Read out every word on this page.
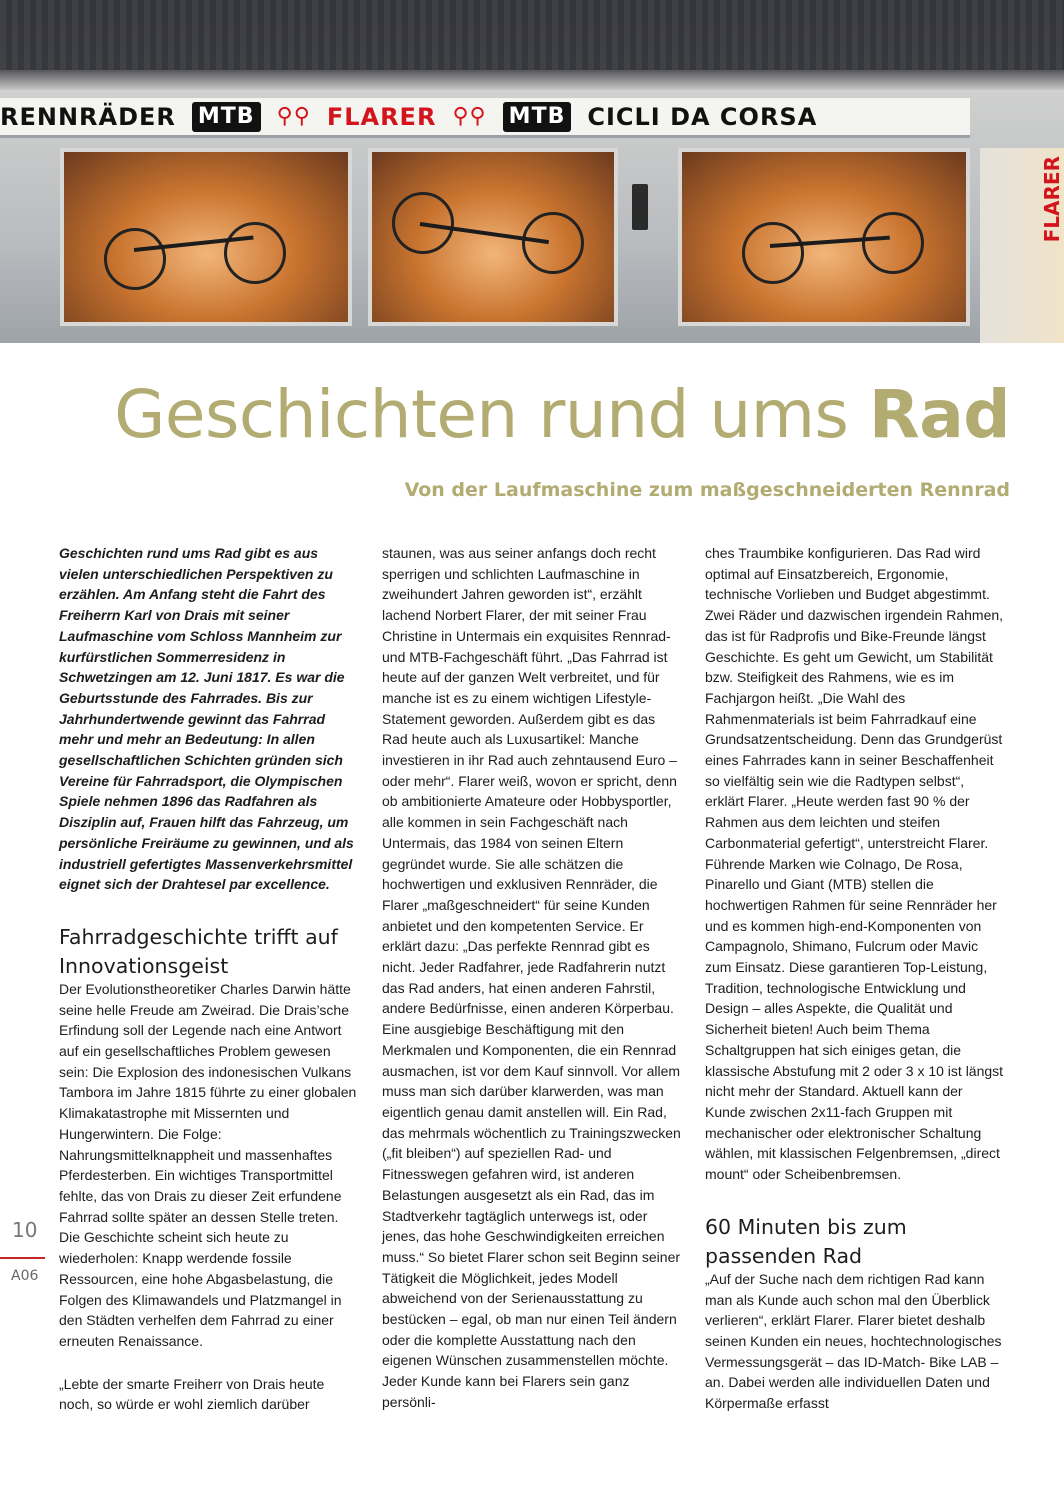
RENNRÄDER MTB ⚲⚲ FLARER ⚲⚲ MTB CICLI DA CORSA
FLARER
Geschichten rund ums Rad
Von der Laufmaschine zum maßgeschneiderten Rennrad

Geschichten rund ums Rad gibt es aus vielen unterschiedlichen Perspektiven zu erzählen. Am Anfang steht die Fahrt des Freiherrn Karl von Drais mit seiner Laufmaschine vom Schloss Mannheim zur kurfürstlichen Sommerresidenz in Schwetzingen am 12. Juni 1817. Es war die Geburtsstunde des Fahrrades. Bis zur Jahrhundertwende gewinnt das Fahrrad mehr und mehr an Bedeutung: In allen gesellschaftlichen Schichten gründen sich Vereine für Fahrradsport, die Olympischen Spiele nehmen 1896 das Radfahren als Disziplin auf, Frauen hilft das Fahrzeug, um persönliche Freiräume zu gewinnen, und als industriell gefertigtes Massenverkehrsmittel eignet sich der Drahtesel par excellence.

Fahrradgeschichte trifft auf Innovationsgeist

Der Evolutionstheoretiker Charles Darwin hätte seine helle Freude am Zweirad. Die Drais’sche Erfindung soll der Legende nach eine Antwort auf ein gesellschaftliches Problem gewesen sein: Die Explosion des indonesischen Vulkans Tambora im Jahre 1815 führte zu einer globalen Klimakatastrophe mit Missernten und Hungerwintern. Die Folge: Nahrungsmittelknappheit und massenhaftes Pferdesterben. Ein wichtiges Transportmittel fehlte, das von Drais zu dieser Zeit erfundene Fahrrad sollte später an dessen Stelle treten. Die Geschichte scheint sich heute zu wiederholen: Knapp werdende fossile Ressourcen, eine hohe Abgasbelastung, die Folgen des Klimawandels und Platzmangel in den Städten verhelfen dem Fahrrad zu einer erneuten Renaissance.

„Lebte der smarte Freiherr von Drais heute noch, so würde er wohl ziemlich darüber

staunen, was aus seiner anfangs doch recht sperrigen und schlichten Laufmaschine in zweihundert Jahren geworden ist“, erzählt lachend Norbert Flarer, der mit seiner Frau Christine in Untermais ein exquisites Rennrad- und MTB-Fachgeschäft führt. „Das Fahrrad ist heute auf der ganzen Welt verbreitet, und für manche ist es zu einem wichtigen Lifestyle-Statement geworden. Außerdem gibt es das Rad heute auch als Luxusartikel: Manche investieren in ihr Rad auch zehntausend Euro – oder mehr“. Flarer weiß, wovon er spricht, denn ob ambitionierte Amateure oder Hobbysportler, alle kommen in sein Fachgeschäft nach Untermais, das 1984 von seinen Eltern gegründet wurde. Sie alle schätzen die hochwertigen und exklusiven Rennräder, die Flarer „maßgeschneidert“ für seine Kunden anbietet und den kompetenten Service. Er erklärt dazu: „Das perfekte Rennrad gibt es nicht. Jeder Radfahrer, jede Radfahrerin nutzt das Rad anders, hat einen anderen Fahrstil, andere Bedürfnisse, einen anderen Körperbau. Eine ausgiebige Beschäftigung mit den Merkmalen und Komponenten, die ein Rennrad ausmachen, ist vor dem Kauf sinnvoll. Vor allem muss man sich darüber klarwerden, was man eigentlich genau damit anstellen will. Ein Rad, das mehrmals wöchentlich zu Trainingszwecken („fit bleiben“) auf speziellen Rad- und Fitnesswegen gefahren wird, ist anderen Belastungen ausgesetzt als ein Rad, das im Stadtverkehr tagtäglich unterwegs ist, oder jenes, das hohe Geschwindigkeiten erreichen muss.“ So bietet Flarer schon seit Beginn seiner Tätigkeit die Möglichkeit, jedes Modell abweichend von der Serienausstattung zu bestücken – egal, ob man nur einen Teil ändern oder die komplette Ausstattung nach den eigenen Wünschen zusammenstellen möchte. Jeder Kunde kann bei Flarers sein ganz persönli-

ches Traumbike konfigurieren. Das Rad wird optimal auf Einsatzbereich, Ergonomie, technische Vorlieben und Budget abgestimmt. Zwei Räder und dazwischen irgendein Rahmen, das ist für Radprofis und Bike-Freunde längst Geschichte. Es geht um Gewicht, um Stabilität bzw. Steifigkeit des Rahmens, wie es im Fachjargon heißt. „Die Wahl des Rahmenmaterials ist beim Fahrradkauf eine Grundsatzentscheidung. Denn das Grundgerüst eines Fahrrades kann in seiner Beschaffenheit so vielfältig sein wie die Radtypen selbst“, erklärt Flarer. „Heute werden fast 90 % der Rahmen aus dem leichten und steifen Carbonmaterial gefertigt“, unterstreicht Flarer. Führende Marken wie Colnago, De Rosa, Pinarello und Giant (MTB) stellen die hochwertigen Rahmen für seine Rennräder her und es kommen high-end-Komponenten von Campagnolo, Shimano, Fulcrum oder Mavic zum Einsatz. Diese garantieren Top-Leistung, Tradition, technologische Entwicklung und Design – alles Aspekte, die Qualität und Sicherheit bieten! Auch beim Thema Schaltgruppen hat sich einiges getan, die klassische Abstufung mit 2 oder 3 x 10 ist längst nicht mehr der Standard. Aktuell kann der Kunde zwischen 2x11-fach Gruppen mit mechanischer oder elektronischer Schaltung wählen, mit klassischen Felgenbremsen, „direct mount“ oder Scheibenbremsen.

60 Minuten bis zum passenden Rad

„Auf der Suche nach dem richtigen Rad kann man als Kunde auch schon mal den Überblick verlieren“, erklärt Flarer. Flarer bietet deshalb seinen Kunden ein neues, hochtechnologisches Vermessungsgerät – das ID-Match- Bike LAB – an. Dabei werden alle individuellen Daten und Körpermaße erfasst

10
A06
